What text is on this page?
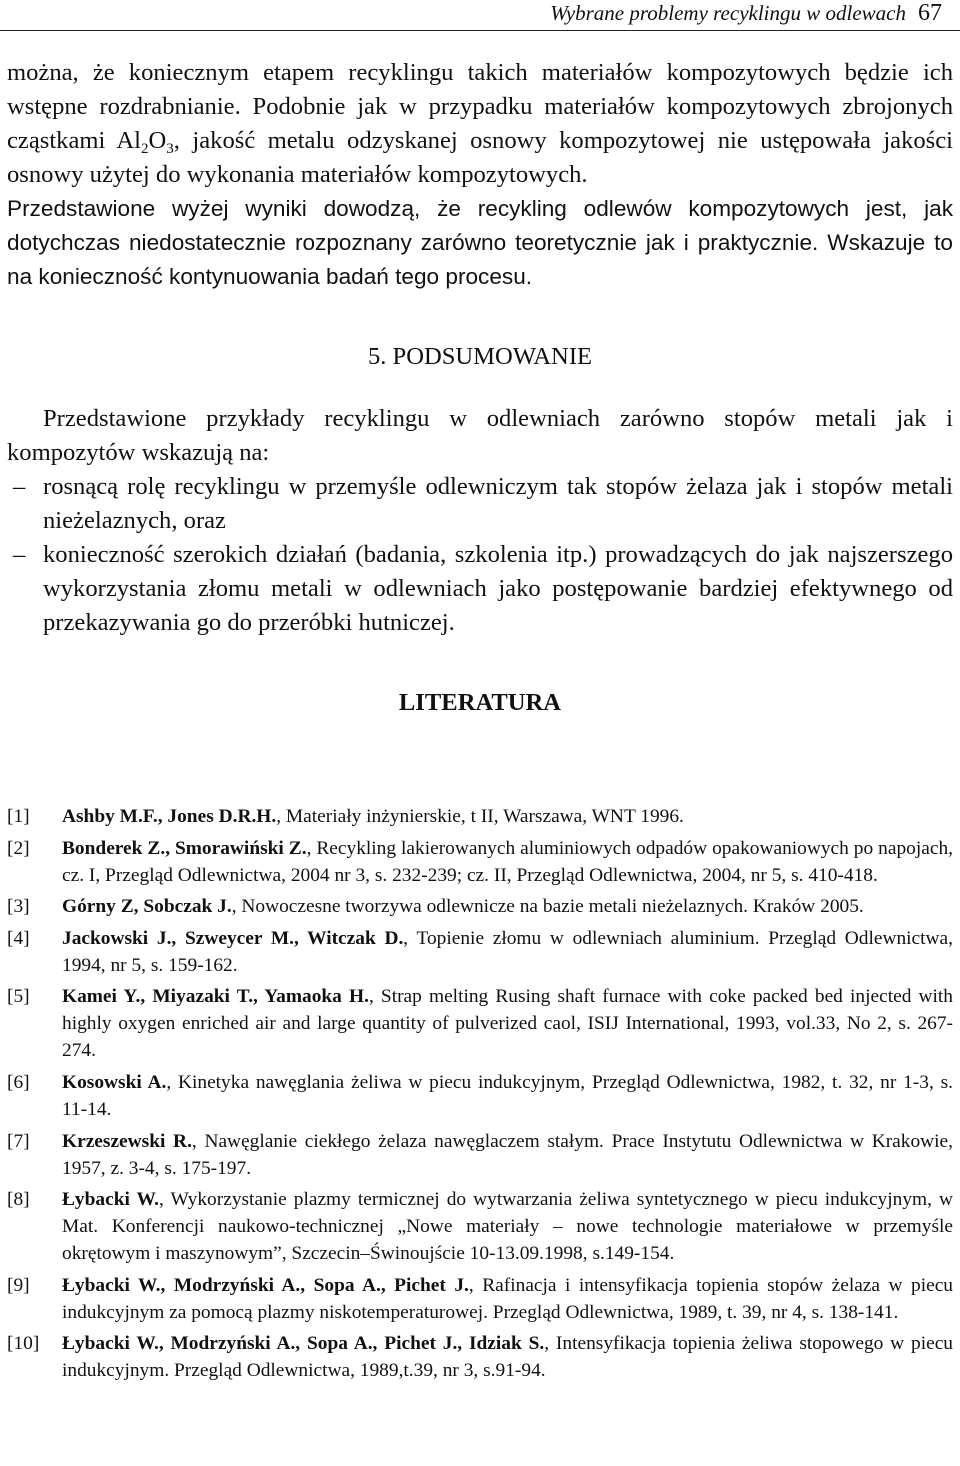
Wybrane problemy recyklingu w odlewach 67

można, że koniecznym etapem recyklingu takich materiałów kompozytowych będzie ich wstępne rozdrabnianie. Podobnie jak w przypadku materiałów kompozytowych zbrojonych cząstkami $Al_2O_3$, jakość metalu odzyskanej osnowy kompozytowej nie ustępowała jakości osnowy użytej do wykonania materiałów kompozytowych.

Przedstawione wyżej wyniki dowodzą, że recykling odlewów kompozytowych jest, jak dotychczas niedostatecznie rozpoznany zarówno teoretycznie jak i praktycznie. Wskazuje to na konieczność kontynuowania badań tego procesu.

5. PODSUMOWANIE

Przedstawione przykłady recyklingu w odlewniach zarówno stopów metali jak i kompozytów wskazują na:

– rosnącą rolę recyklingu w przemyśle odlewniczym tak stopów żelaza jak i stopów metali nieżelaznych, oraz
– konieczność szerokich działań (badania, szkolenia itp.) prowadzących do jak najszerszego wykorzystania złomu metali w odlewniach jako postępowanie bardziej efektywnego od przekazywania go do przeróbki hutniczej.
LITERATURA
[1] Ashby M.F., Jones D.R.H., Materiały inżynierskie, t II, Warszawa, WNT 1996.
[2] Bonderek Z., Smorawiński Z., Recykling lakierowanych aluminiowych odpadów opakowaniowych po napojach, cz. I, Przegląd Odlewnictwa, 2004 nr 3, s. 232-239; cz. II, Przegląd Odlewnictwa, 2004, nr 5, s. 410-418.
[3] Górny Z, Sobczak J., Nowoczesne tworzywa odlewnicze na bazie metali nieżelaznych. Kraków 2005.
[4] Jackowski J., Szweycer M., Witczak D., Topienie złomu w odlewniach aluminium. Przegląd Odlewnictwa, 1994, nr 5, s. 159-162.
[5] Kamei Y., Miyazaki T., Yamaoka H., Strap melting Rusing shaft furnace with coke packed bed injected with highly oxygen enriched air and large quantity of pulverized caol, ISIJ International, 1993, vol.33, No 2, s. 267-274.
[6] Kosowski A., Kinetyka nawęglania żeliwa w piecu indukcyjnym, Przegląd Odlewnictwa, 1982, t. 32, nr 1-3, s. 11-14.
[7] Krzeszewski R., Nawęglanie ciekłego żelaza nawęglaczem stałym. Prace Instytutu Odlewnictwa w Krakowie, 1957, z. 3-4, s. 175-197.
[8] Łybacki W., Wykorzystanie plazmy termicznej do wytwarzania żeliwa syntetycznego w piecu indukcyjnym, w Mat. Konferencji naukowo-technicznej „Nowe materiały – nowe technologie materiałowe w przemyśle okrętowym i maszynowym”, Szczecin–Świnoujście 10-13.09.1998, s.149-154.
[9] Łybacki W., Modrzyński A., Sopa A., Pichet J., Rafinacja i intensyfikacja topienia stopów żelaza w piecu indukcyjnym za pomocą plazmy niskotemperaturowej. Przegląd Odlewnictwa, 1989, t. 39, nr 4, s. 138-141.
[10] Łybacki W., Modrzyński A., Sopa A., Pichet J., Idziak S., Intensyfikacja topienia żeliwa stopowego w piecu indukcyjnym. Przegląd Odlewnictwa, 1989,t.39, nr 3, s.91-94.
